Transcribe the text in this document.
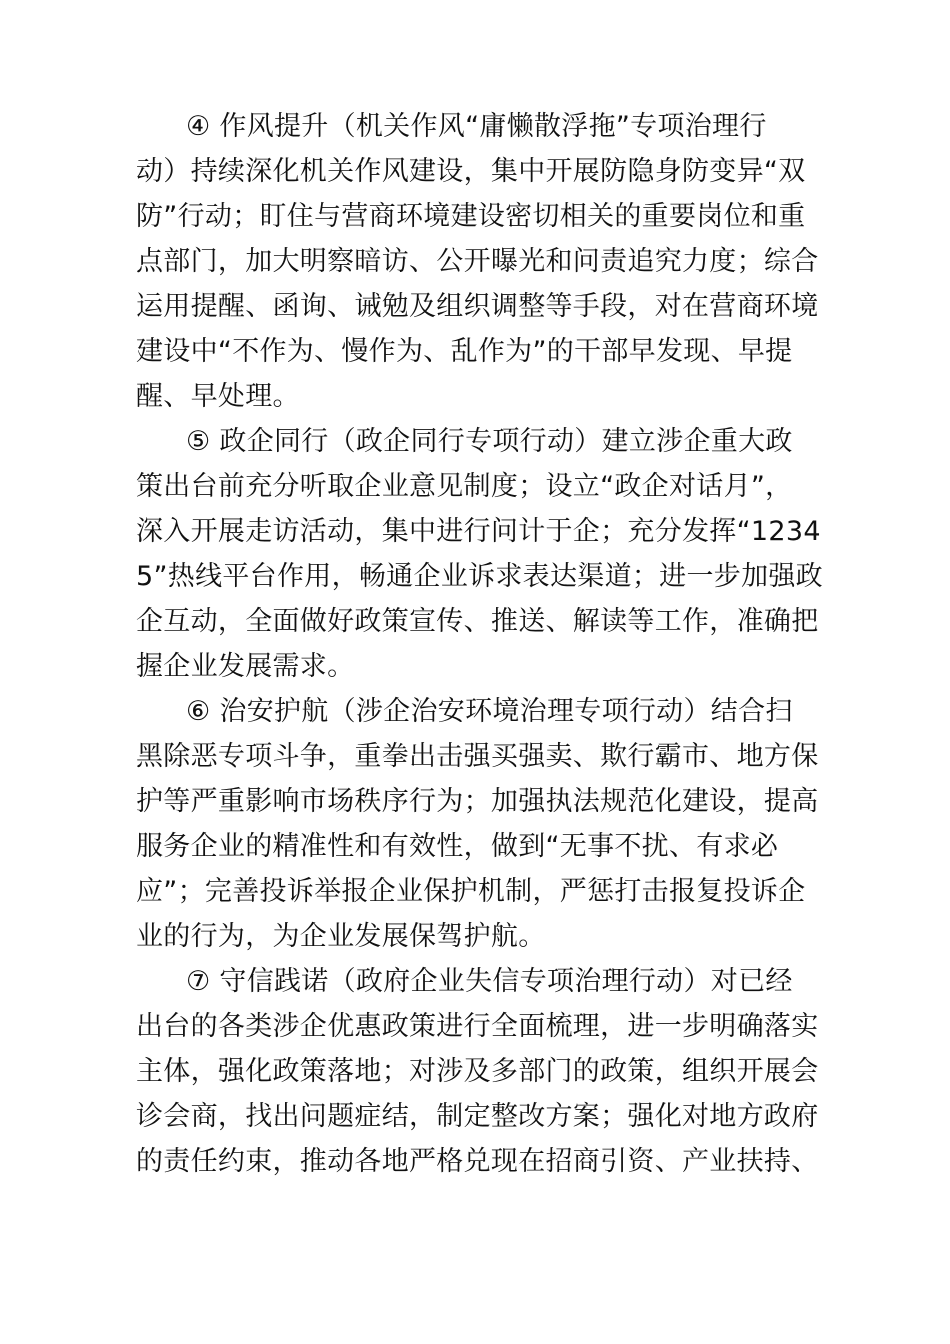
④ 作风提升（机关作风“庸懒散浮拖”专项治理行
动）持续深化机关作风建设，集中开展防隐身防变异“双
防”行动；盯住与营商环境建设密切相关的重要岗位和重
点部门，加大明察暗访、公开曝光和问责追究力度；综合
运用提醒、函询、诫勉及组织调整等手段，对在营商环境
建设中“不作为、慢作为、乱作为”的干部早发现、早提
醒、早处理。
⑤ 政企同行（政企同行专项行动）建立涉企重大政
策出台前充分听取企业意见制度；设立“政企对话月”，
深入开展走访活动，集中进行问计于企；充分发挥“1234
5”热线平台作用，畅通企业诉求表达渠道；进一步加强政
企互动，全面做好政策宣传、推送、解读等工作，准确把
握企业发展需求。
⑥ 治安护航（涉企治安环境治理专项行动）结合扫
黑除恶专项斗争，重拳出击强买强卖、欺行霸市、地方保
护等严重影响市场秩序行为；加强执法规范化建设，提高
服务企业的精准性和有效性，做到“无事不扰、有求必
应”；完善投诉举报企业保护机制，严惩打击报复投诉企
业的行为，为企业发展保驾护航。
⑦ 守信践诺（政府企业失信专项治理行动）对已经
出台的各类涉企优惠政策进行全面梳理，进一步明确落实
主体，强化政策落地；对涉及多部门的政策，组织开展会
诊会商，找出问题症结，制定整改方案；强化对地方政府
的责任约束，推动各地严格兑现在招商引资、产业扶持、
